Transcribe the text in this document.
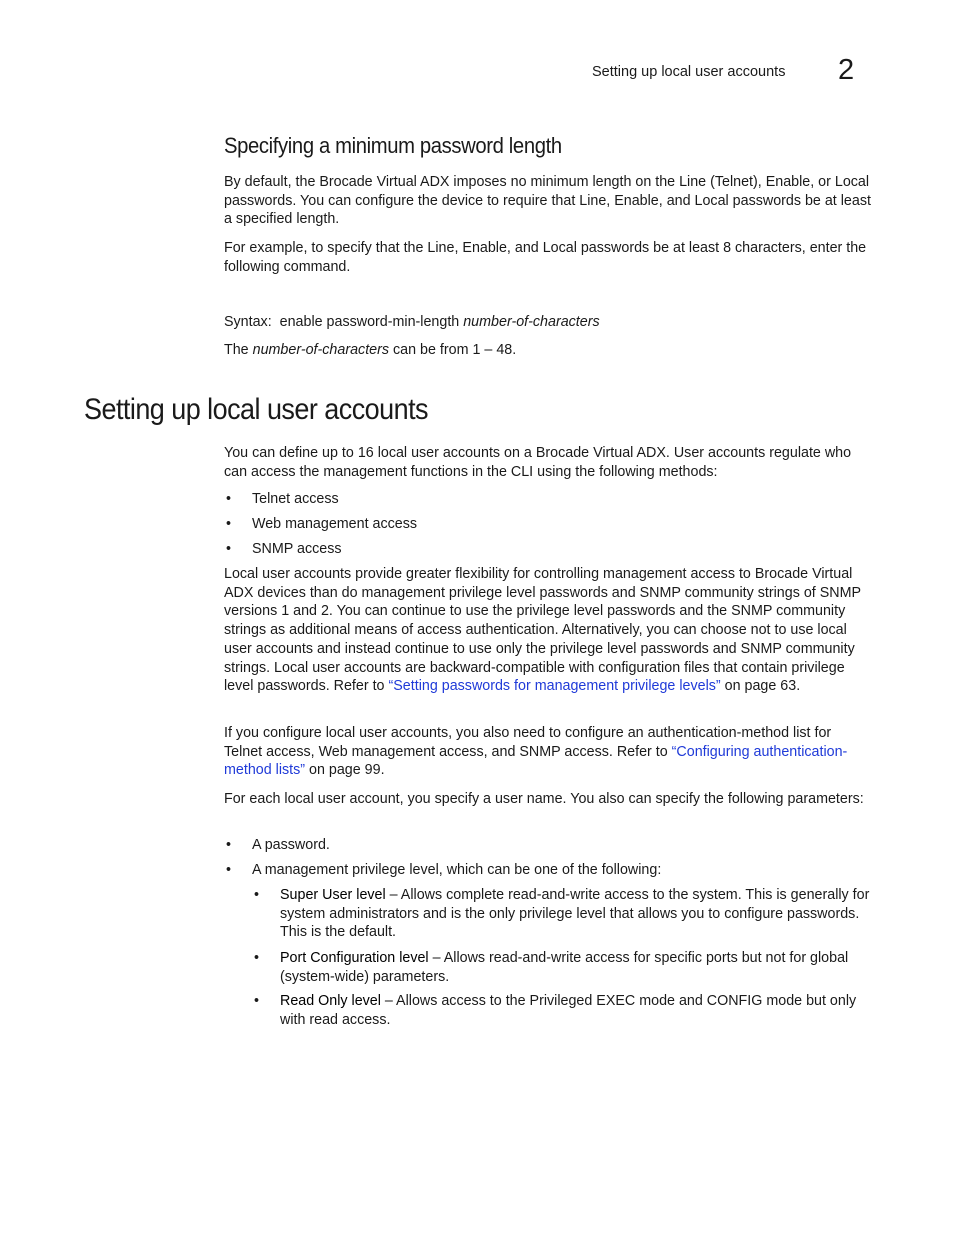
Setting up local user accounts 2
Specifying a minimum password length

By default, the Brocade Virtual ADX imposes no minimum length on the Line (Telnet), Enable, or Local passwords. You can configure the device to require that Line, Enable, and Local passwords be at least a specified length.

For example, to specify that the Line, Enable, and Local passwords be at least 8 characters, enter the following command.

Syntax: enable password-min-length number-of-characters

The number-of-characters can be from 1 – 48.

Setting up local user accounts

You can define up to 16 local user accounts on a Brocade Virtual ADX. User accounts regulate who can access the management functions in the CLI using the following methods:

• Telnet access
• Web management access
• SNMP access

Local user accounts provide greater flexibility for controlling management access to Brocade Virtual ADX devices than do management privilege level passwords and SNMP community strings of SNMP versions 1 and 2. You can continue to use the privilege level passwords and the SNMP community strings as additional means of access authentication. Alternatively, you can choose not to use local user accounts and instead continue to use only the privilege level passwords and SNMP community strings. Local user accounts are backward-compatible with configuration files that contain privilege level passwords. Refer to “Setting passwords for management privilege levels” on page 63.

If you configure local user accounts, you also need to configure an authentication-method list for Telnet access, Web management access, and SNMP access. Refer to “Configuring authentication-method lists” on page 99.

For each local user account, you specify a user name. You also can specify the following parameters:

• A password.
• A management privilege level, which can be one of the following:
• Super User level – Allows complete read-and-write access to the system. This is generally for system administrators and is the only privilege level that allows you to configure passwords. This is the default.
• Port Configuration level – Allows read-and-write access for specific ports but not for global (system-wide) parameters.
• Read Only level – Allows access to the Privileged EXEC mode and CONFIG mode but only with read access.
